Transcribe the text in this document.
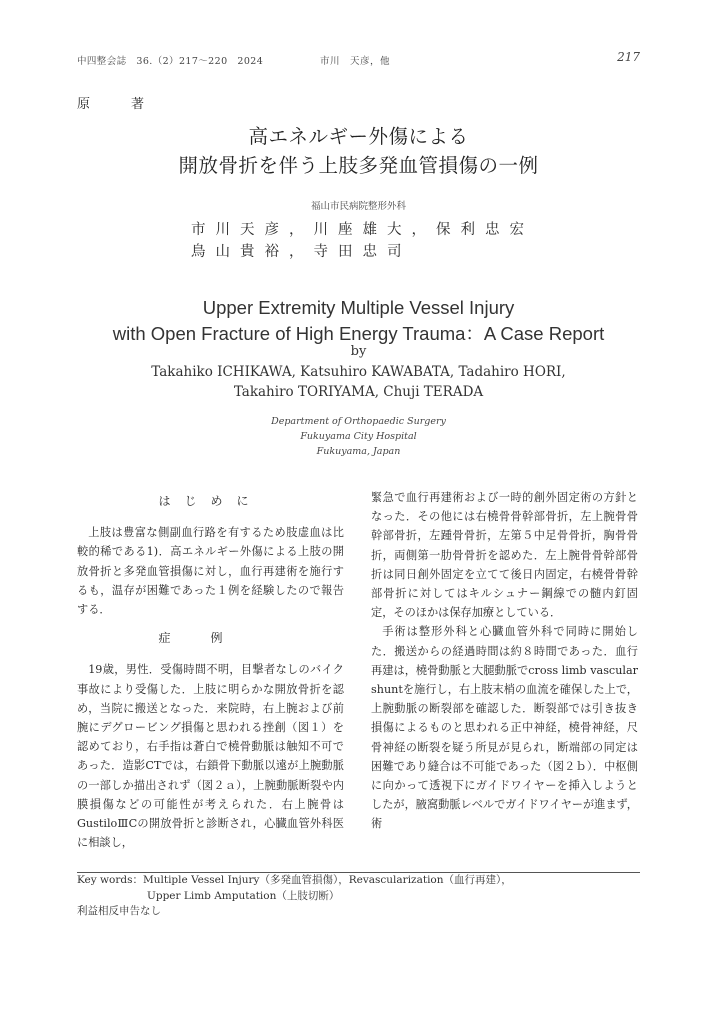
中四整会誌　36.（2）217～220　2024	市川　天彦，他	217
原　著
高エネルギー外傷による
開放骨折を伴う上肢多発血管損傷の一例
福山市民病院整形外科
市川天彦，川𫝶雄大，保利忠宏
鳥山貴裕，寺田忠司
Upper Extremity Multiple Vessel Injury
with Open Fracture of High Energy Trauma：A Case Report
by
Takahiko ICHIKAWA, Katsuhiro KAWABATA, Tadahiro HORI,
Takahiro TORIYAMA, Chuji TERADA
Department of Orthopaedic Surgery
Fukuyama City Hospital
Fukuyama, Japan
はじめに

上肢は豊富な側副血行路を有するため肢虚血は比較的稀である1)．高エネルギー外傷による上肢の開放骨折と多発血管損傷に対し，血行再建術を施行するも，温存が困難であった１例を経験したので報告する．

症例

19歳，男性．受傷時間不明，目撃者なしのバイク事故により受傷した．上肢に明らかな開放骨折を認め，当院に搬送となった．来院時，右上腕および前腕にデグロービング損傷と思われる挫創（図１）を認めており，右手指は蒼白で橈骨動脈は触知不可であった．造影CTでは，右鎖骨下動脈以遠が上腕動脈の一部しか描出されず（図２ａ），上腕動脈断裂や内膜損傷などの可能性が考えられた．右上腕骨はGustiloⅢCの開放骨折と診断され，心臓血管外科医に相談し，

緊急で血行再建術および一時的創外固定術の方針となった．その他には右橈骨骨幹部骨折，左上腕骨骨幹部骨折，左踵骨骨折，左第５中足骨骨折，胸骨骨折，両側第一肋骨骨折を認めた．左上腕骨骨幹部骨折は同日創外固定を立てて後日内固定，右橈骨骨幹部骨折に対してはキルシュナー鋼線での髄内釘固定，そのほかは保存加療としている．

手術は整形外科と心臓血管外科で同時に開始した．搬送からの経過時間は約８時間であった．血行再建は，橈骨動脈と大腿動脈でcross limb vascular shuntを施行し，右上肢末梢の血流を確保した上で，上腕動脈の断裂部を確認した．断裂部では引き抜き損傷によるものと思われる正中神経，橈骨神経，尺骨神経の断裂を疑う所見が見られ，断端部の同定は困難であり縫合は不可能であった（図２ｂ）．中枢側に向かって透視下にガイドワイヤーを挿入しようとしたが，腋窩動脈レベルでガイドワイヤーが進まず，術

Key words：Multiple Vessel Injury（多発血管損傷），Revascularization（血行再建），
Upper Limb Amputation（上肢切断）
利益相反申告なし
